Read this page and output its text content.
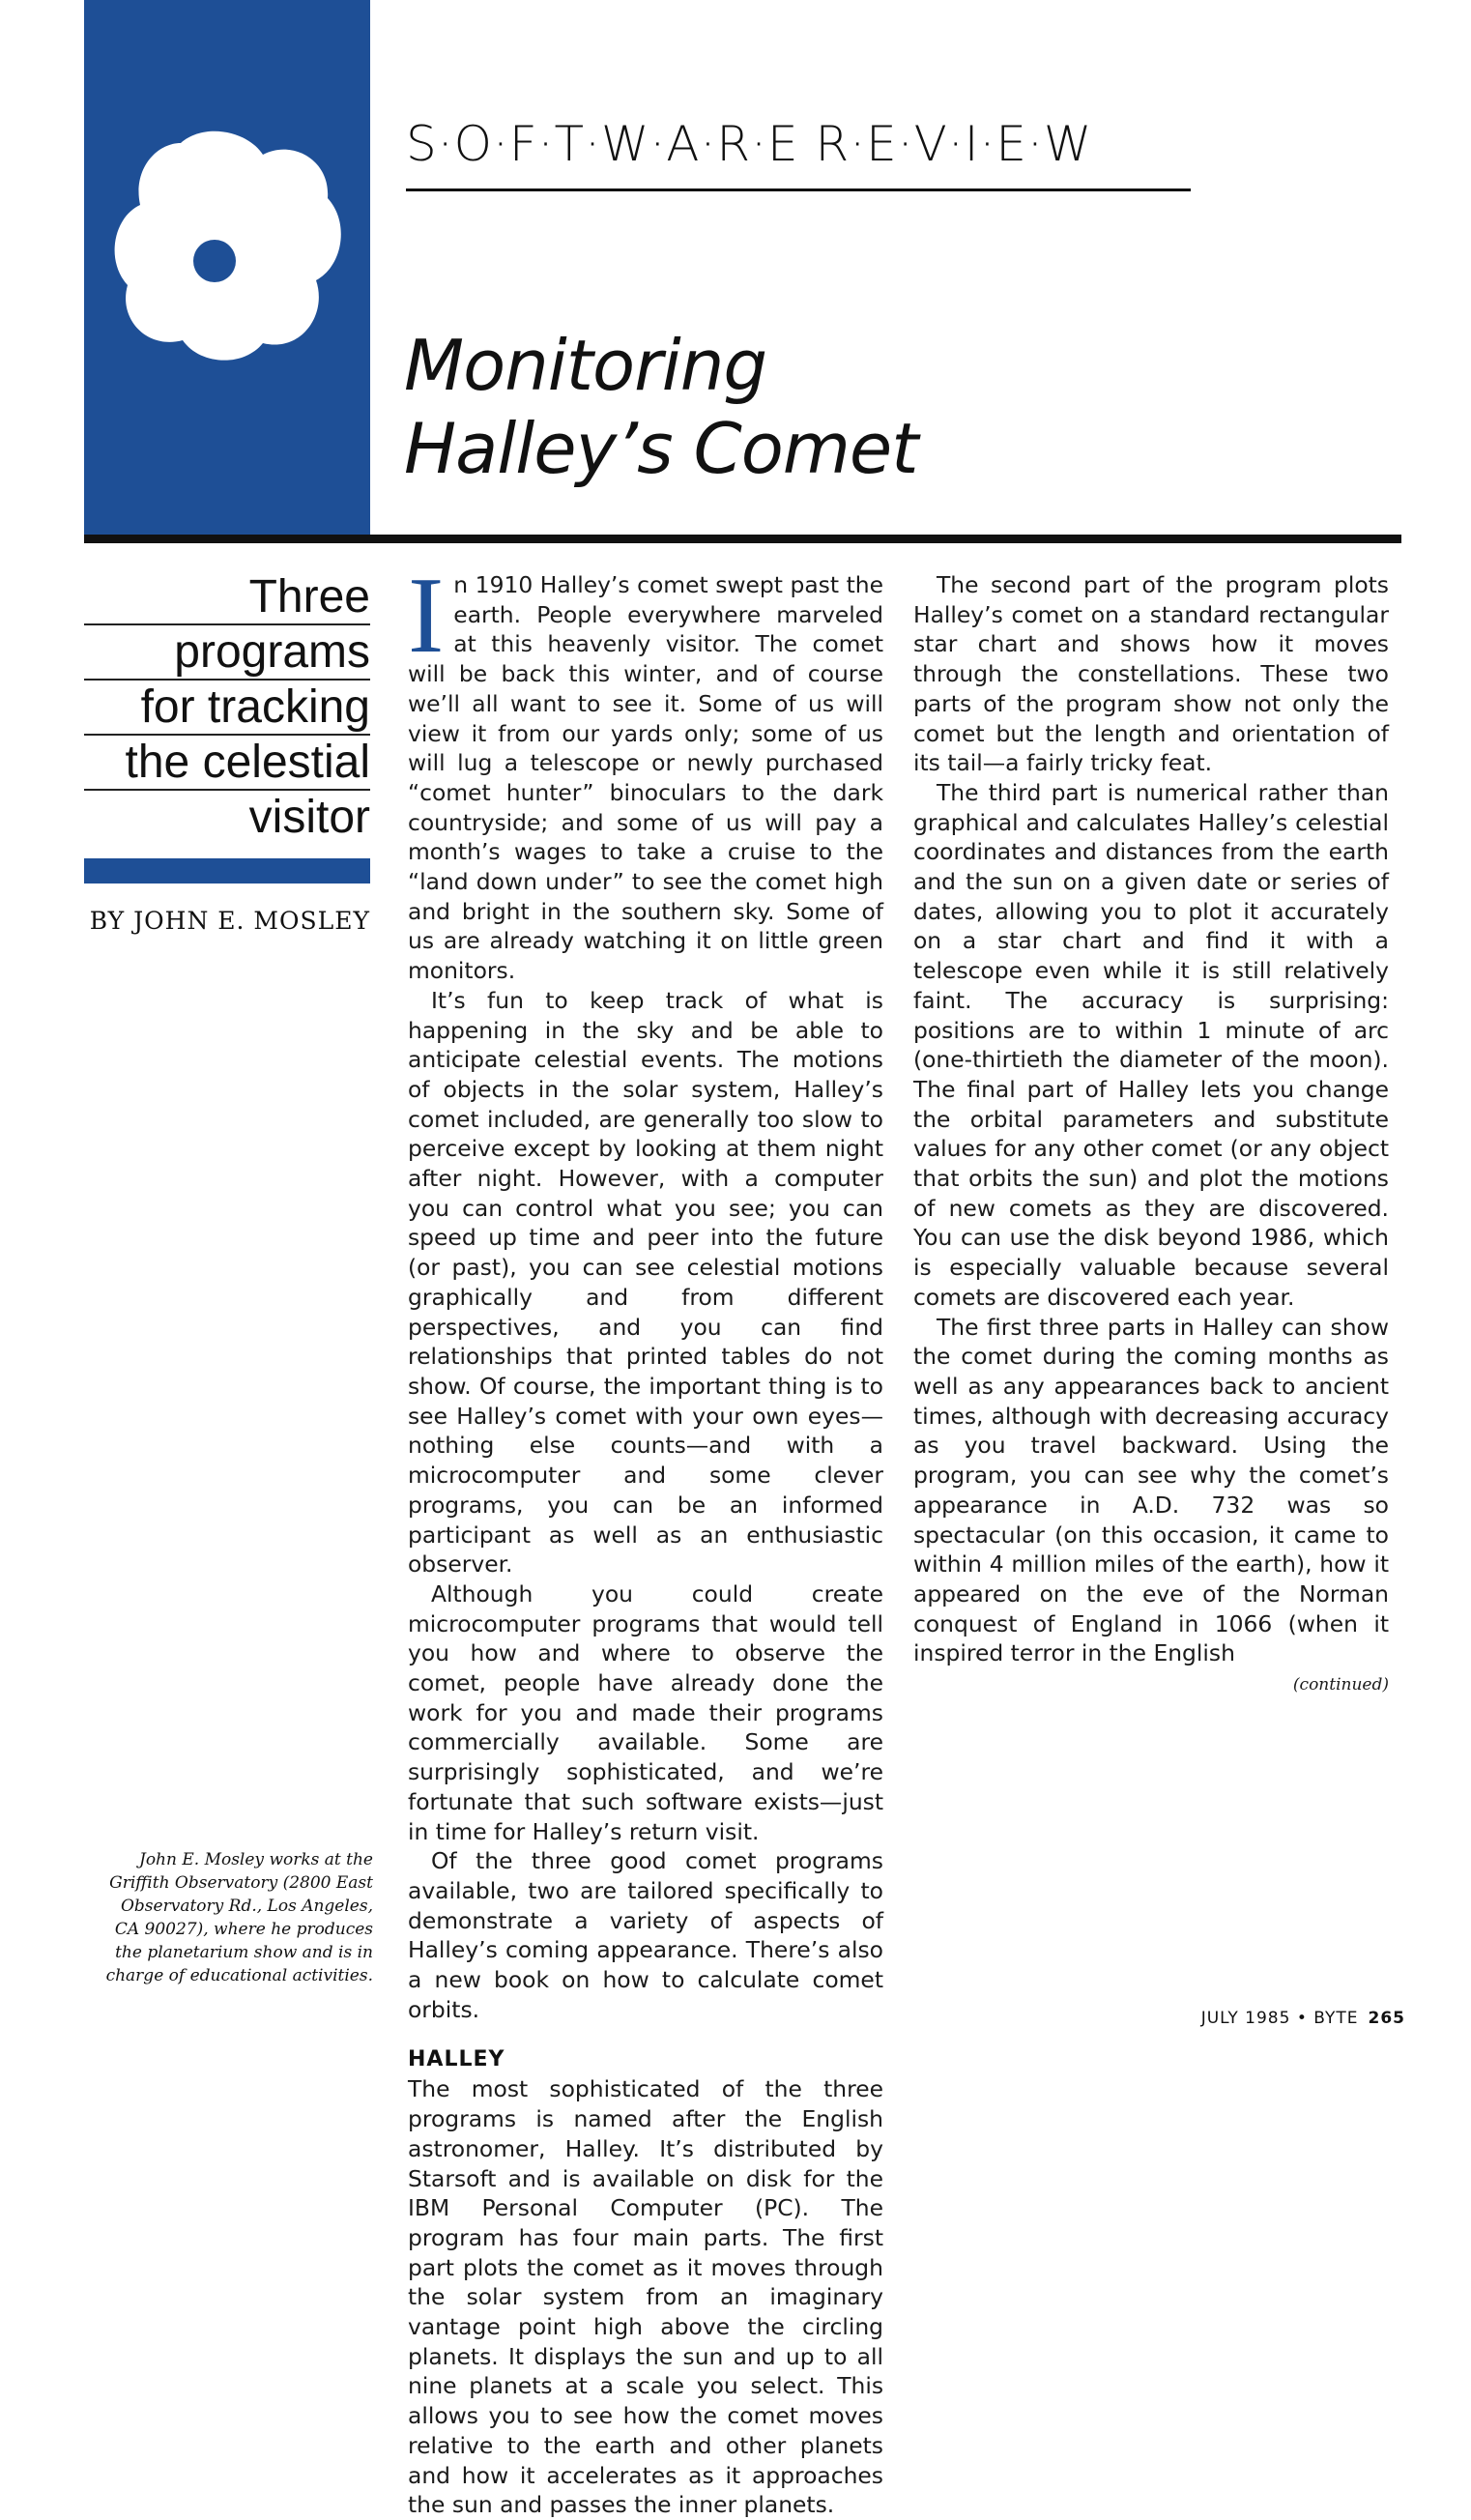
S·O·F·T·W·A·R·E R·E·V·I·E·W
Monitoring
Halley’s Comet
Three
programs
for tracking
the celestial
visitor
BY JOHN E. MOSLEY
John E. Mosley works at the Griffith Observatory (2800 East Observatory Rd., Los Angeles, CA 90027), where he produces the planetarium show and is in charge of educational activities.

In 1910 Halley’s comet swept past the earth. People everywhere marveled at this heavenly visitor. The comet will be back this winter, and of course we’ll all want to see it. Some of us will view it from our yards only; some of us will lug a telescope or newly purchased “comet hunter” binoculars to the dark countryside; and some of us will pay a month’s wages to take a cruise to the “land down under” to see the comet high and bright in the southern sky. Some of us are already watching it on little green monitors.

It’s fun to keep track of what is happening in the sky and be able to anticipate celestial events. The motions of objects in the solar system, Halley’s comet included, are generally too slow to perceive except by looking at them night after night. However, with a computer you can control what you see; you can speed up time and peer into the future (or past), you can see celestial motions graphically and from different perspectives, and you can find relationships that printed tables do not show. Of course, the important thing is to see Halley’s comet with your own eyes—nothing else counts—and with a microcomputer and some clever programs, you can be an informed participant as well as an enthusiastic observer.

Although you could create microcomputer programs that would tell you how and where to observe the comet, people have already done the work for you and made their programs commercially available. Some are surprisingly sophisticated, and we’re fortunate that such software exists—just in time for Halley’s return visit.

Of the three good comet programs available, two are tailored specifically to demonstrate a variety of aspects of Halley’s coming appearance. There’s also a new book on how to calculate comet orbits.

HALLEY

The most sophisticated of the three programs is named after the English astronomer, Halley. It’s distributed by Starsoft and is available on disk for the IBM Personal Computer (PC). The program has four main parts. The first part plots the comet as it moves through the solar system from an imaginary vantage point high above the circling planets. It displays the sun and up to all nine planets at a scale you select. This allows you to see how the comet moves relative to the earth and other planets and how it accelerates as it approaches the sun and passes the inner planets.

The second part of the program plots Halley’s comet on a standard rectangular star chart and shows how it moves through the constellations. These two parts of the program show not only the comet but the length and orientation of its tail—a fairly tricky feat.

The third part is numerical rather than graphical and calculates Halley’s celestial coordinates and distances from the earth and the sun on a given date or series of dates, allowing you to plot it accurately on a star chart and find it with a telescope even while it is still relatively faint. The accuracy is surprising: positions are to within 1 minute of arc (one-thirtieth the diameter of the moon). The final part of Halley lets you change the orbital parameters and substitute values for any other comet (or any object that orbits the sun) and plot the motions of new comets as they are discovered. You can use the disk beyond 1986, which is especially valuable because several comets are discovered each year.

The first three parts in Halley can show the comet during the coming months as well as any appearances back to ancient times, although with decreasing accuracy as you travel backward. Using the program, you can see why the comet’s appearance in A.D. 732 was so spectacular (on this occasion, it came to within 4 million miles of the earth), how it appeared on the eve of the Norman conquest of England in 1066 (when it inspired terror in the English

(continued)
JULY 1985 • BYTE 265
